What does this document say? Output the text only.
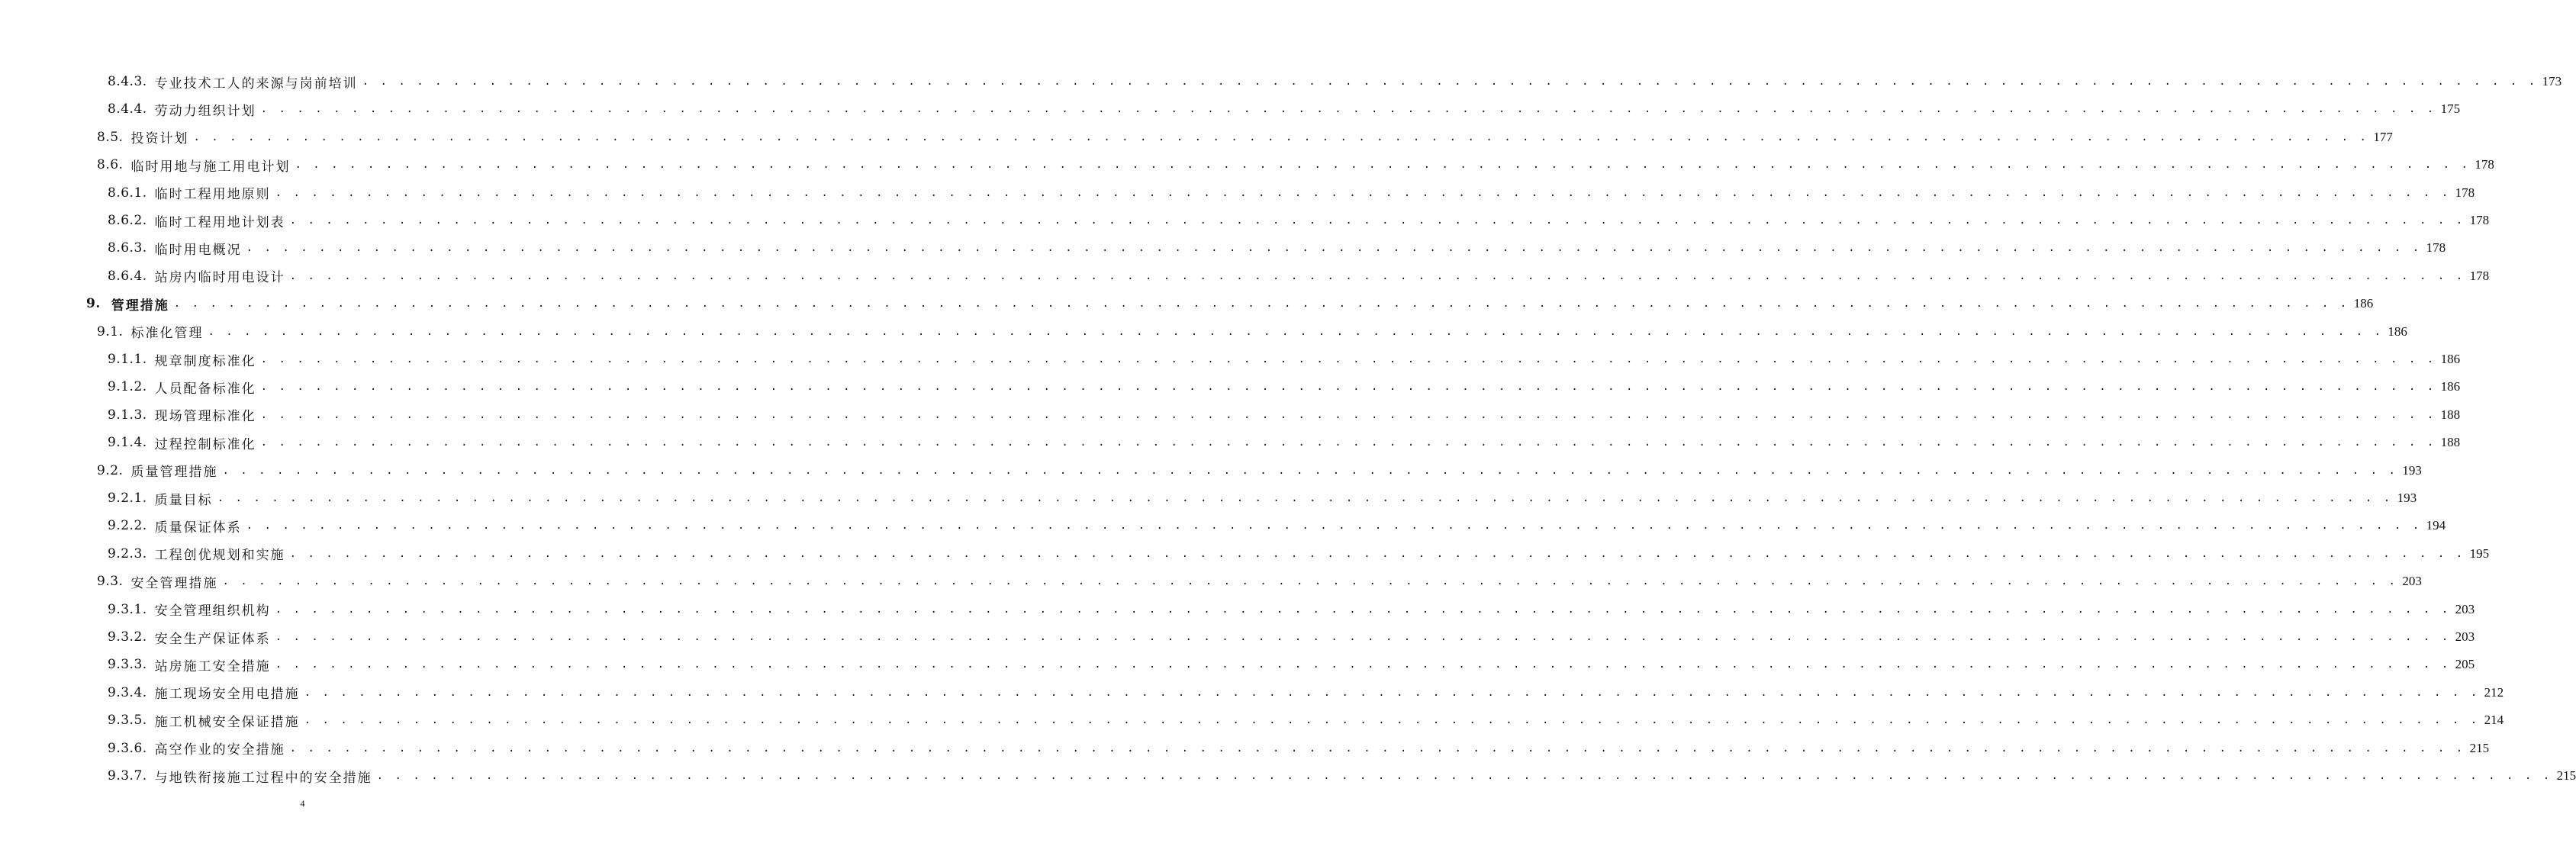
8.4.3. 专业技术工人的来源与岗前培训 . . . . . . . . . . . . . . . . . . . . . . . . . . . . . . . . . . . . . . . . . . . . . . . . . . . . . . . . . . . . . . . . . . . . . . . . . . . . . . . . . . . . . . . . . . . . . . . . . . . . . . . . . . . . . . . . . . . . . . . . 173
8.4.4. 劳动力组织计划 . . . . . . . . . . . . . . . . . . . . . . . . . . . . . . . . . . . . . . . . . . . . . . . . . . . . . . . . . . . . . . . . . . . . . . . . . . . . . . . . . . . . . . . . . . . . . . . . . . . . . . . . . . . . . . . . . . . . . . . . 175
8.5. 投资计划 . . . . . . . . . . . . . . . . . . . . . . . . . . . . . . . . . . . . . . . . . . . . . . . . . . . . . . . . . . . . . . . . . . . . . . . . . . . . . . . . . . . . . . . . . . . . . . . . . . . . . . . . . . . . . . . . . . . . . . . . 177
8.6. 临时用地与施工用电计划 . . . . . . . . . . . . . . . . . . . . . . . . . . . . . . . . . . . . . . . . . . . . . . . . . . . . . . . . . . . . . . . . . . . . . . . . . . . . . . . . . . . . . . . . . . . . . . . . . . . . . . . . . . . . . . . . . . . . . . . . 178
8.6.1. 临时工程用地原则 . . . . . . . . . . . . . . . . . . . . . . . . . . . . . . . . . . . . . . . . . . . . . . . . . . . . . . . . . . . . . . . . . . . . . . . . . . . . . . . . . . . . . . . . . . . . . . . . . . . . . . . . . . . . . . . . . . . . . . . . 178
8.6.2. 临时工程用地计划表 . . . . . . . . . . . . . . . . . . . . . . . . . . . . . . . . . . . . . . . . . . . . . . . . . . . . . . . . . . . . . . . . . . . . . . . . . . . . . . . . . . . . . . . . . . . . . . . . . . . . . . . . . . . . . . . . . . . . . . . . 178
8.6.3. 临时用电概况 . . . . . . . . . . . . . . . . . . . . . . . . . . . . . . . . . . . . . . . . . . . . . . . . . . . . . . . . . . . . . . . . . . . . . . . . . . . . . . . . . . . . . . . . . . . . . . . . . . . . . . . . . . . . . . . . . . . . . . . . 178
8.6.4. 站房内临时用电设计 . . . . . . . . . . . . . . . . . . . . . . . . . . . . . . . . . . . . . . . . . . . . . . . . . . . . . . . . . . . . . . . . . . . . . . . . . . . . . . . . . . . . . . . . . . . . . . . . . . . . . . . . . . . . . . . . . . . . . . . . 178
9. 管理措施 . . . . . . . . . . . . . . . . . . . . . . . . . . . . . . . . . . . . . . . . . . . . . . . . . . . . . . . . . . . . . . . . . . . . . . . . . . . . . . . . . . . . . . . . . . . . . . . . . . . . . . . . . . . . . . . . . . . . . . . . 186
9.1. 标准化管理 . . . . . . . . . . . . . . . . . . . . . . . . . . . . . . . . . . . . . . . . . . . . . . . . . . . . . . . . . . . . . . . . . . . . . . . . . . . . . . . . . . . . . . . . . . . . . . . . . . . . . . . . . . . . . . . . . . . . . . . . 186
9.1.1. 规章制度标准化 . . . . . . . . . . . . . . . . . . . . . . . . . . . . . . . . . . . . . . . . . . . . . . . . . . . . . . . . . . . . . . . . . . . . . . . . . . . . . . . . . . . . . . . . . . . . . . . . . . . . . . . . . . . . . . . . . . . . . . . . 186
9.1.2. 人员配备标准化 . . . . . . . . . . . . . . . . . . . . . . . . . . . . . . . . . . . . . . . . . . . . . . . . . . . . . . . . . . . . . . . . . . . . . . . . . . . . . . . . . . . . . . . . . . . . . . . . . . . . . . . . . . . . . . . . . . . . . . . . 186
9.1.3. 现场管理标准化 . . . . . . . . . . . . . . . . . . . . . . . . . . . . . . . . . . . . . . . . . . . . . . . . . . . . . . . . . . . . . . . . . . . . . . . . . . . . . . . . . . . . . . . . . . . . . . . . . . . . . . . . . . . . . . . . . . . . . . . . 188
9.1.4. 过程控制标准化 . . . . . . . . . . . . . . . . . . . . . . . . . . . . . . . . . . . . . . . . . . . . . . . . . . . . . . . . . . . . . . . . . . . . . . . . . . . . . . . . . . . . . . . . . . . . . . . . . . . . . . . . . . . . . . . . . . . . . . . . 188
9.2. 质量管理措施 . . . . . . . . . . . . . . . . . . . . . . . . . . . . . . . . . . . . . . . . . . . . . . . . . . . . . . . . . . . . . . . . . . . . . . . . . . . . . . . . . . . . . . . . . . . . . . . . . . . . . . . . . . . . . . . . . . . . . . . . 193
9.2.1. 质量目标 . . . . . . . . . . . . . . . . . . . . . . . . . . . . . . . . . . . . . . . . . . . . . . . . . . . . . . . . . . . . . . . . . . . . . . . . . . . . . . . . . . . . . . . . . . . . . . . . . . . . . . . . . . . . . . . . . . . . . . . . 193
9.2.2. 质量保证体系 . . . . . . . . . . . . . . . . . . . . . . . . . . . . . . . . . . . . . . . . . . . . . . . . . . . . . . . . . . . . . . . . . . . . . . . . . . . . . . . . . . . . . . . . . . . . . . . . . . . . . . . . . . . . . . . . . . . . . . . . 194
9.2.3. 工程创优规划和实施 . . . . . . . . . . . . . . . . . . . . . . . . . . . . . . . . . . . . . . . . . . . . . . . . . . . . . . . . . . . . . . . . . . . . . . . . . . . . . . . . . . . . . . . . . . . . . . . . . . . . . . . . . . . . . . . . . . . . . . . . 195
9.3. 安全管理措施 . . . . . . . . . . . . . . . . . . . . . . . . . . . . . . . . . . . . . . . . . . . . . . . . . . . . . . . . . . . . . . . . . . . . . . . . . . . . . . . . . . . . . . . . . . . . . . . . . . . . . . . . . . . . . . . . . . . . . . . . 203
9.3.1. 安全管理组织机构 . . . . . . . . . . . . . . . . . . . . . . . . . . . . . . . . . . . . . . . . . . . . . . . . . . . . . . . . . . . . . . . . . . . . . . . . . . . . . . . . . . . . . . . . . . . . . . . . . . . . . . . . . . . . . . . . . . . . . . . . 203
9.3.2. 安全生产保证体系 . . . . . . . . . . . . . . . . . . . . . . . . . . . . . . . . . . . . . . . . . . . . . . . . . . . . . . . . . . . . . . . . . . . . . . . . . . . . . . . . . . . . . . . . . . . . . . . . . . . . . . . . . . . . . . . . . . . . . . . . 203
9.3.3. 站房施工安全措施 . . . . . . . . . . . . . . . . . . . . . . . . . . . . . . . . . . . . . . . . . . . . . . . . . . . . . . . . . . . . . . . . . . . . . . . . . . . . . . . . . . . . . . . . . . . . . . . . . . . . . . . . . . . . . . . . . . . . . . . . 205
9.3.4. 施工现场安全用电措施 . . . . . . . . . . . . . . . . . . . . . . . . . . . . . . . . . . . . . . . . . . . . . . . . . . . . . . . . . . . . . . . . . . . . . . . . . . . . . . . . . . . . . . . . . . . . . . . . . . . . . . . . . . . . . . . . . . . . . . . . 212
9.3.5. 施工机械安全保证措施 . . . . . . . . . . . . . . . . . . . . . . . . . . . . . . . . . . . . . . . . . . . . . . . . . . . . . . . . . . . . . . . . . . . . . . . . . . . . . . . . . . . . . . . . . . . . . . . . . . . . . . . . . . . . . . . . . . . . . . . . 214
9.3.6. 高空作业的安全措施 . . . . . . . . . . . . . . . . . . . . . . . . . . . . . . . . . . . . . . . . . . . . . . . . . . . . . . . . . . . . . . . . . . . . . . . . . . . . . . . . . . . . . . . . . . . . . . . . . . . . . . . . . . . . . . . . . . . . . . . . 215
9.3.7. 与地铁衔接施工过程中的安全措施 . . . . . . . . . . . . . . . . . . . . . . . . . . . . . . . . . . . . . . . . . . . . . . . . . . . . . . . . . . . . . . . . . . . . . . . . . . . . . . . . . . . . . . . . . . . . . . . . . . . . . . . . . . . . . . . . . . . . . . . . 215
4
